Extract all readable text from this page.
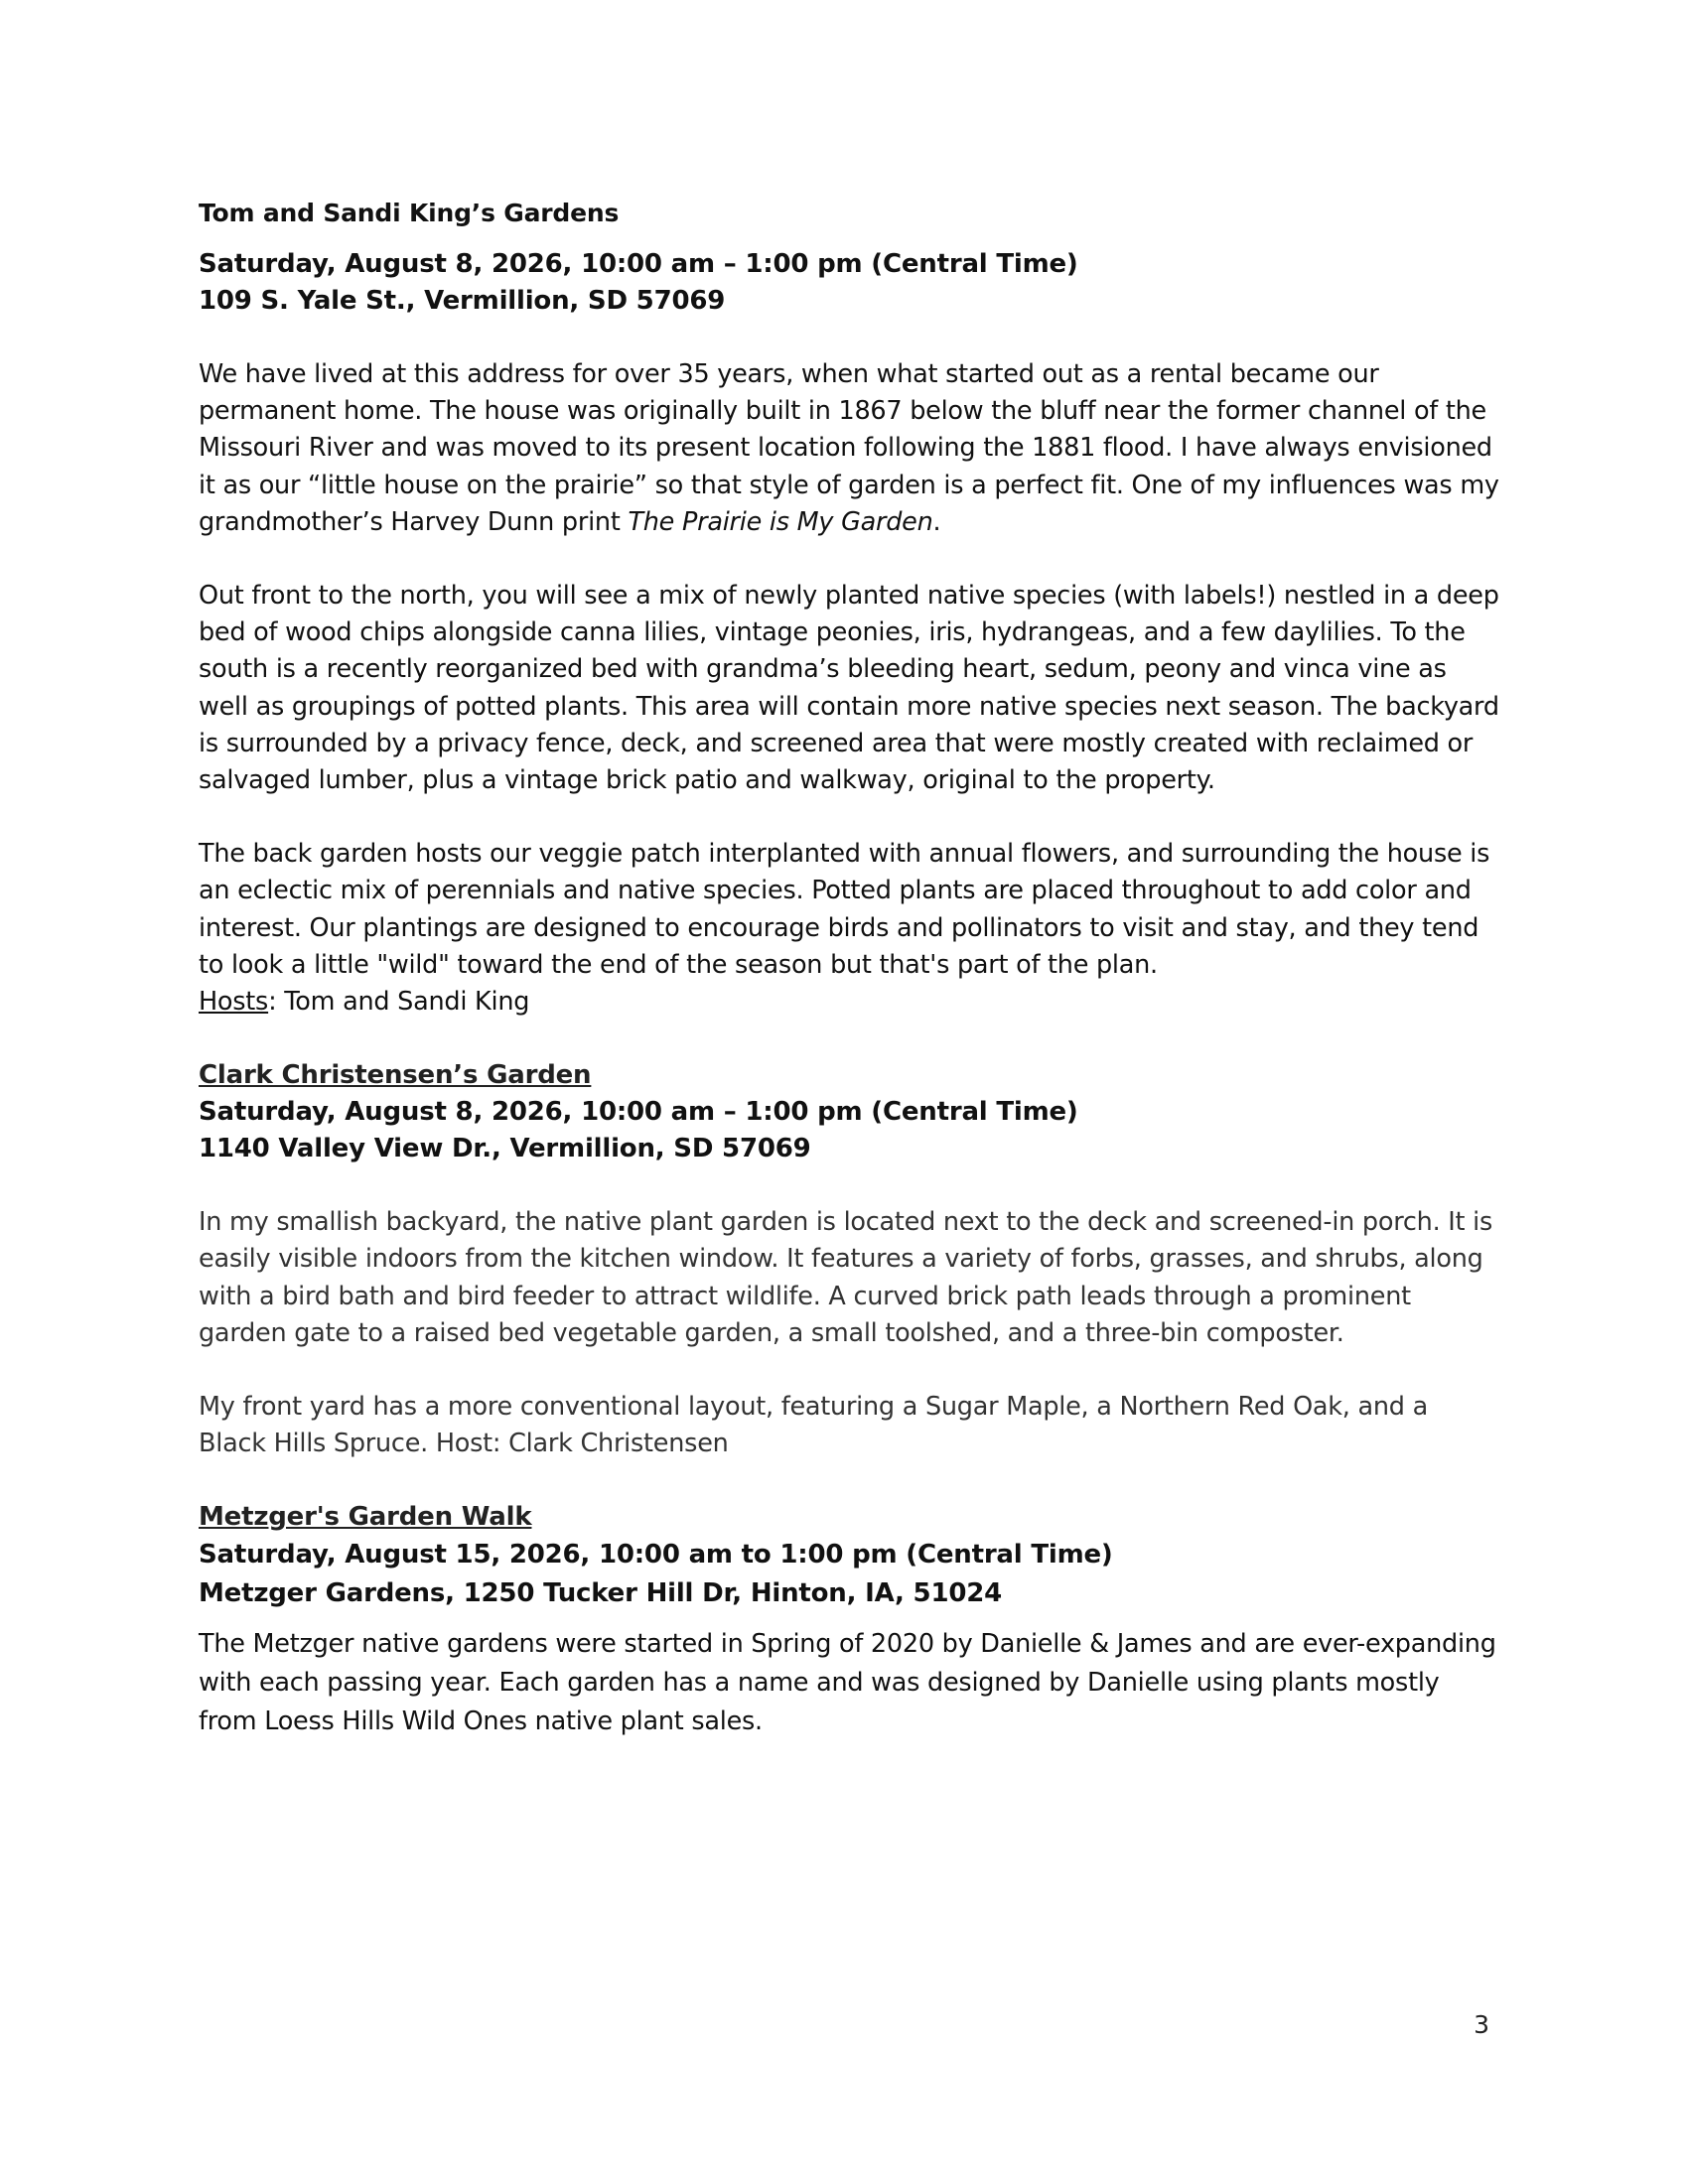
Tom and Sandi King’s Gardens

Saturday, August 8, 2026, 10:00 am – 1:00 pm (Central Time)

109 S. Yale St., Vermillion, SD 57069

We have lived at this address for over 35 years, when what started out as a rental became our permanent home. The house was originally built in 1867 below the bluff near the former channel of the Missouri River and was moved to its present location following the 1881 flood. I have always envisioned it as our “little house on the prairie” so that style of garden is a perfect fit. One of my influences was my grandmother’s Harvey Dunn print The Prairie is My Garden.

Out front to the north, you will see a mix of newly planted native species (with labels!) nestled in a deep bed of wood chips alongside canna lilies, vintage peonies, iris, hydrangeas, and a few daylilies. To the south is a recently reorganized bed with grandma’s bleeding heart, sedum, peony and vinca vine as well as groupings of potted plants. This area will contain more native species next season. The backyard is surrounded by a privacy fence, deck, and screened area that were mostly created with reclaimed or salvaged lumber, plus a vintage brick patio and walkway, original to the property.

The back garden hosts our veggie patch interplanted with annual flowers, and surrounding the house is an eclectic mix of perennials and native species. Potted plants are placed throughout to add color and interest. Our plantings are designed to encourage birds and pollinators to visit and stay, and they tend to look a little "wild" toward the end of the season but that's part of the plan.
Hosts: Tom and Sandi King

Clark Christensen’s Garden

Saturday, August 8, 2026, 10:00 am – 1:00 pm (Central Time)

1140 Valley View Dr., Vermillion, SD 57069

In my smallish backyard, the native plant garden is located next to the deck and screened-in porch. It is easily visible indoors from the kitchen window. It features a variety of forbs, grasses, and shrubs, along with a bird bath and bird feeder to attract wildlife. A curved brick path leads through a prominent garden gate to a raised bed vegetable garden, a small toolshed, and a three-bin composter.

My front yard has a more conventional layout, featuring a Sugar Maple, a Northern Red Oak, and a Black Hills Spruce. Host: Clark Christensen

Metzger's Garden Walk

Saturday, August 15, 2026, 10:00 am to 1:00 pm (Central Time)

Metzger Gardens, 1250 Tucker Hill Dr, Hinton, IA, 51024

The Metzger native gardens were started in Spring of 2020 by Danielle & James and are ever-expanding with each passing year. Each garden has a name and was designed by Danielle using plants mostly from Loess Hills Wild Ones native plant sales.

3
